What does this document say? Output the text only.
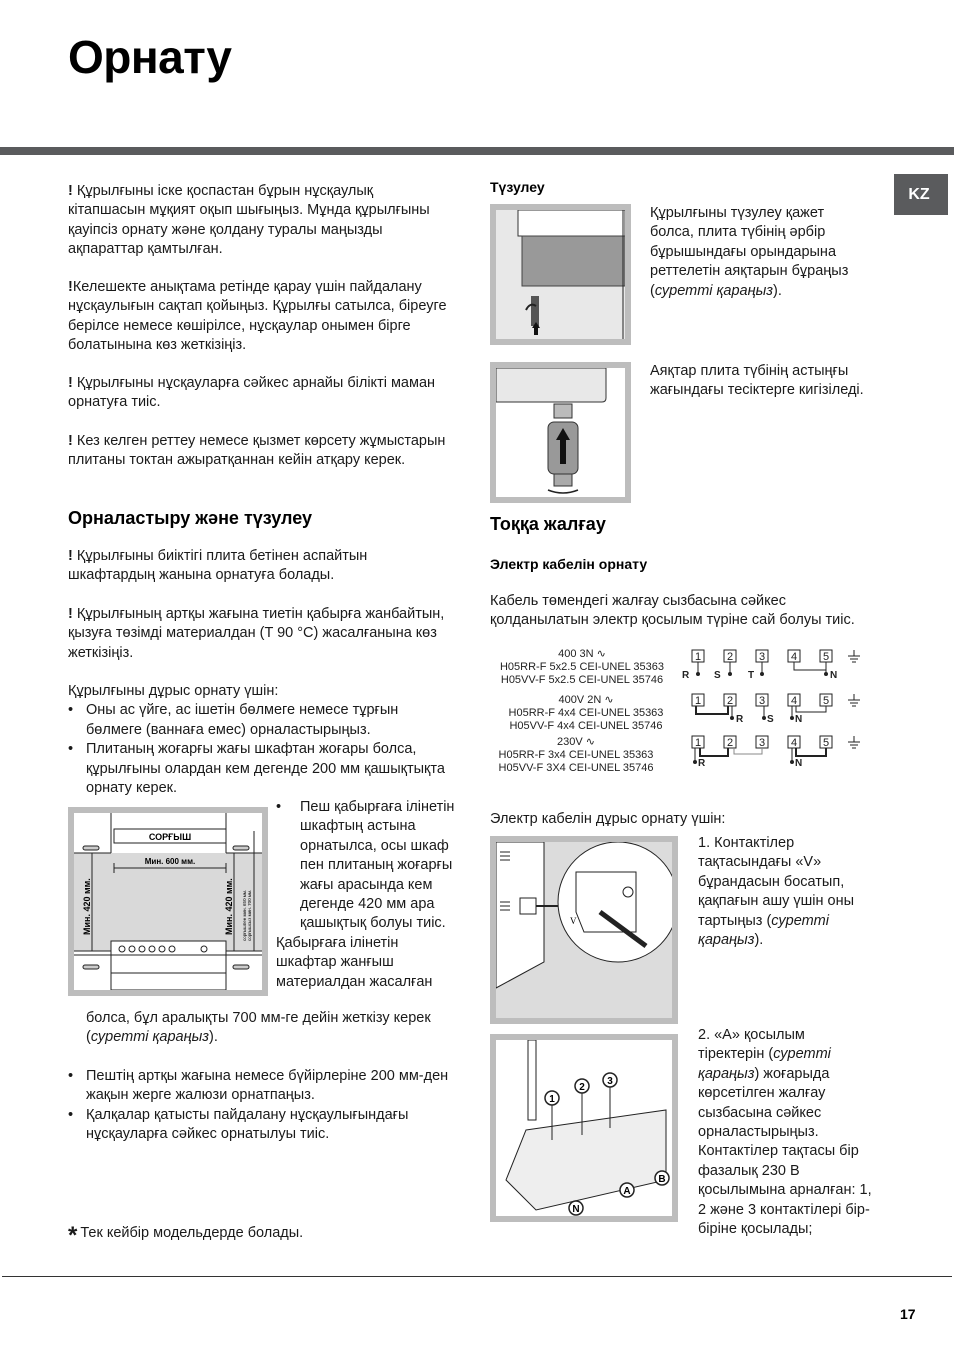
Орнату
KZ
! Құрылғыны іске қоспастан бұрын нұсқаулық кітапшасын мұқият оқып шығыңыз. Мұнда құрылғыны қауіпсіз орнату және қолдану туралы маңызды ақпараттар қамтылған.
!Келешекте анықтама ретінде қарау үшін пайдалану нұсқаулығын сақтап қойыңыз. Құрылғы сатылса, біреуге берілсе немесе көшірілсе, нұсқаулар онымен бірге болатынына көз жеткізіңіз.
! Құрылғыны нұсқауларға сәйкес арнайы білікті маман орнатуға тиіс.
! Кез келген реттеу немесе қызмет көрсету жұмыстарын плитаны токтан ажыратқаннан кейін атқару керек.
Орналастыру және түзулеу
! Құрылғыны биіктігі плита бетінен аспайтын шкафтардың жанына орнатуға болады.
! Құрылғының артқы жағына тиетін қабырға жанбайтын, қызуға төзімді материалдан (T 90 °C) жасалғанына көз жеткізіңіз.
Құрылғыны дұрыс орнату үшін:
• Оны ас үйге, ас ішетін бөлмеге немесе тұрғын бөлмеге (ваннаға емес) орналастырыңыз.
• Плитаның жоғарғы жағы шкафтан жоғары болса, құрылғыны олардан кем дегенде 200 мм қашықтықта орнату керек.
СОРҒЫШ
Мин. 600 мм.
Мин. 420 мм.	Мин. 420 мм. сорғышпен мин. 650 мм. сорғышсыз мин. 700 мм.
• Пеш қабырғаға ілінетін шкафтың астына орнатылса, осы шкаф пен плитаның жоғарғы жағы арасында кем дегенде 420 мм ара қашықтық болуы тиіс.
Қабырғаға ілінетін шкафтар жанғыш материалдан жасалған
болса, бұл аралықты 700 мм-ге дейін жеткізу керек (суретті қараңыз).
• Пештің артқы жағына немесе бүйірлеріне 200 мм-ден жақын жерге жалюзи орнатпаңыз.
• Қалқалар қатысты пайдалану нұсқаулығындағы нұсқауларға сәйкес орнатылуы тиіс.
* Тек кейбір модельдерде болады.
Түзулеу
Құрылғыны түзулеу қажет болса, плита түбінің әрбір бұрышындағы орындарына реттелетін аяқтарын бұраңыз (суретті қараңыз).
Аяқтар плита түбінің астыңғы жағындағы тесіктерге кигізіледі.
Тоққа жалғау
Электр кабелін орнату
Кабель төмендегі жалғау сызбасына сәйкес қолданылатын электр қосылым түріне сай болуы тиіс.
400 3N ∿
H05RR-F 5x2.5 CEI-UNEL 35363
H05VV-F 5x2.5 CEI-UNEL 35746
400V 2N ∿
H05RR-F 4x4 CEI-UNEL 35363
H05VV-F 4x4 CEI-UNEL 35746
230V ∿
H05RR-F 3x4 CEI-UNEL 35363
H05VV-F 3X4 CEI-UNEL 35746
1 2 3 4 5
1 2 3 4 5
1 2 3 4 5
R S	T	N
R S N
R	N
Электр кабелін дұрыс орнату үшін:
V
1. Контактілер тақтасындағы «V» бұрандасын босатып, қақпағын ашу үшін оны тартыңыз (суретті қараңыз).
1
2
3
A
B
N
2. «A» қосылым тіректерін (суретті қараңыз) жоғарыда көрсетілген жалғау сызбасына сәйкес орналастырыңыз. Контактілер тақтасы бір фазалық 230 В қосылымына арналған: 1, 2 және 3 контактілері бір-біріне қосылады;
17
